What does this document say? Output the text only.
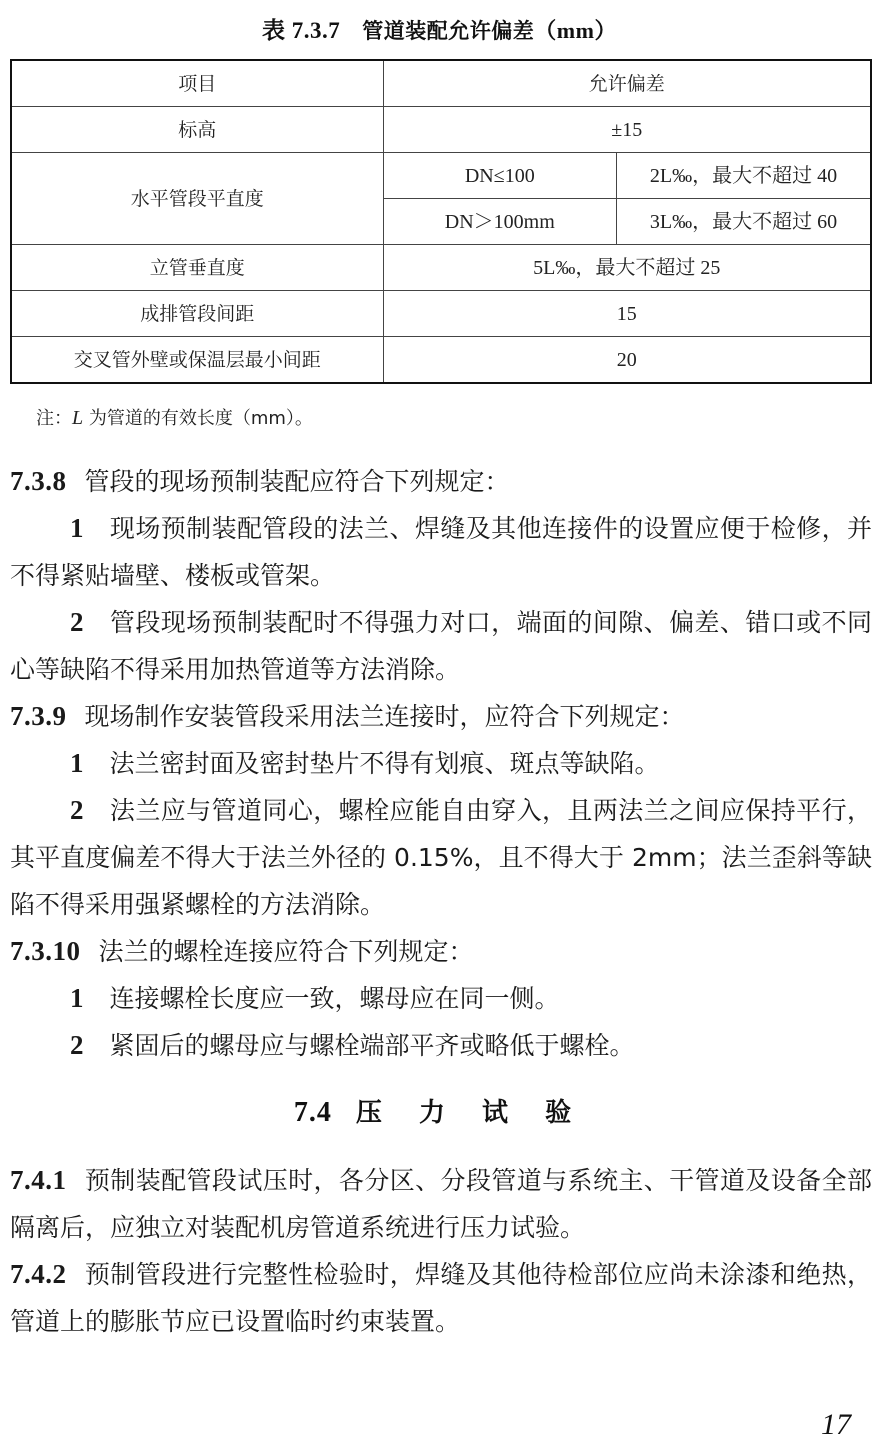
表 7.3.7 管道装配允许偏差（mm）
项目	允许偏差	
标高	±15	
水平管段平直度	DN≤100	2L‰，最大不超过 40
	DN＞100mm	3L‰，最大不超过 60
立管垂直度	5L‰，最大不超过 25	
成排管段间距	15	
交叉管外壁或保温层最小间距	20	
注：L 为管道的有效长度（mm）。

7.3.8 管段的现场预制装配应符合下列规定：

1 现场预制装配管段的法兰、焊缝及其他连接件的设置应便于检修，并不得紧贴墙壁、楼板或管架。

2 管段现场预制装配时不得强力对口，端面的间隙、偏差、错口或不同心等缺陷不得采用加热管道等方法消除。

7.3.9 现场制作安装管段采用法兰连接时，应符合下列规定：

1 法兰密封面及密封垫片不得有划痕、斑点等缺陷。

2 法兰应与管道同心，螺栓应能自由穿入，且两法兰之间应保持平行，其平直度偏差不得大于法兰外径的 0.15%，且不得大于 2mm；法兰歪斜等缺陷不得采用强紧螺栓的方法消除。

7.3.10 法兰的螺栓连接应符合下列规定：

1 连接螺栓长度应一致，螺母应在同一侧。

2 紧固后的螺母应与螺栓端部平齐或略低于螺栓。

7.4 压 力 试 验

7.4.1 预制装配管段试压时，各分区、分段管道与系统主、干管道及设备全部隔离后，应独立对装配机房管道系统进行压力试验。

7.4.2 预制管段进行完整性检验时，焊缝及其他待检部位应尚未涂漆和绝热，管道上的膨胀节应已设置临时约束装置。

17
